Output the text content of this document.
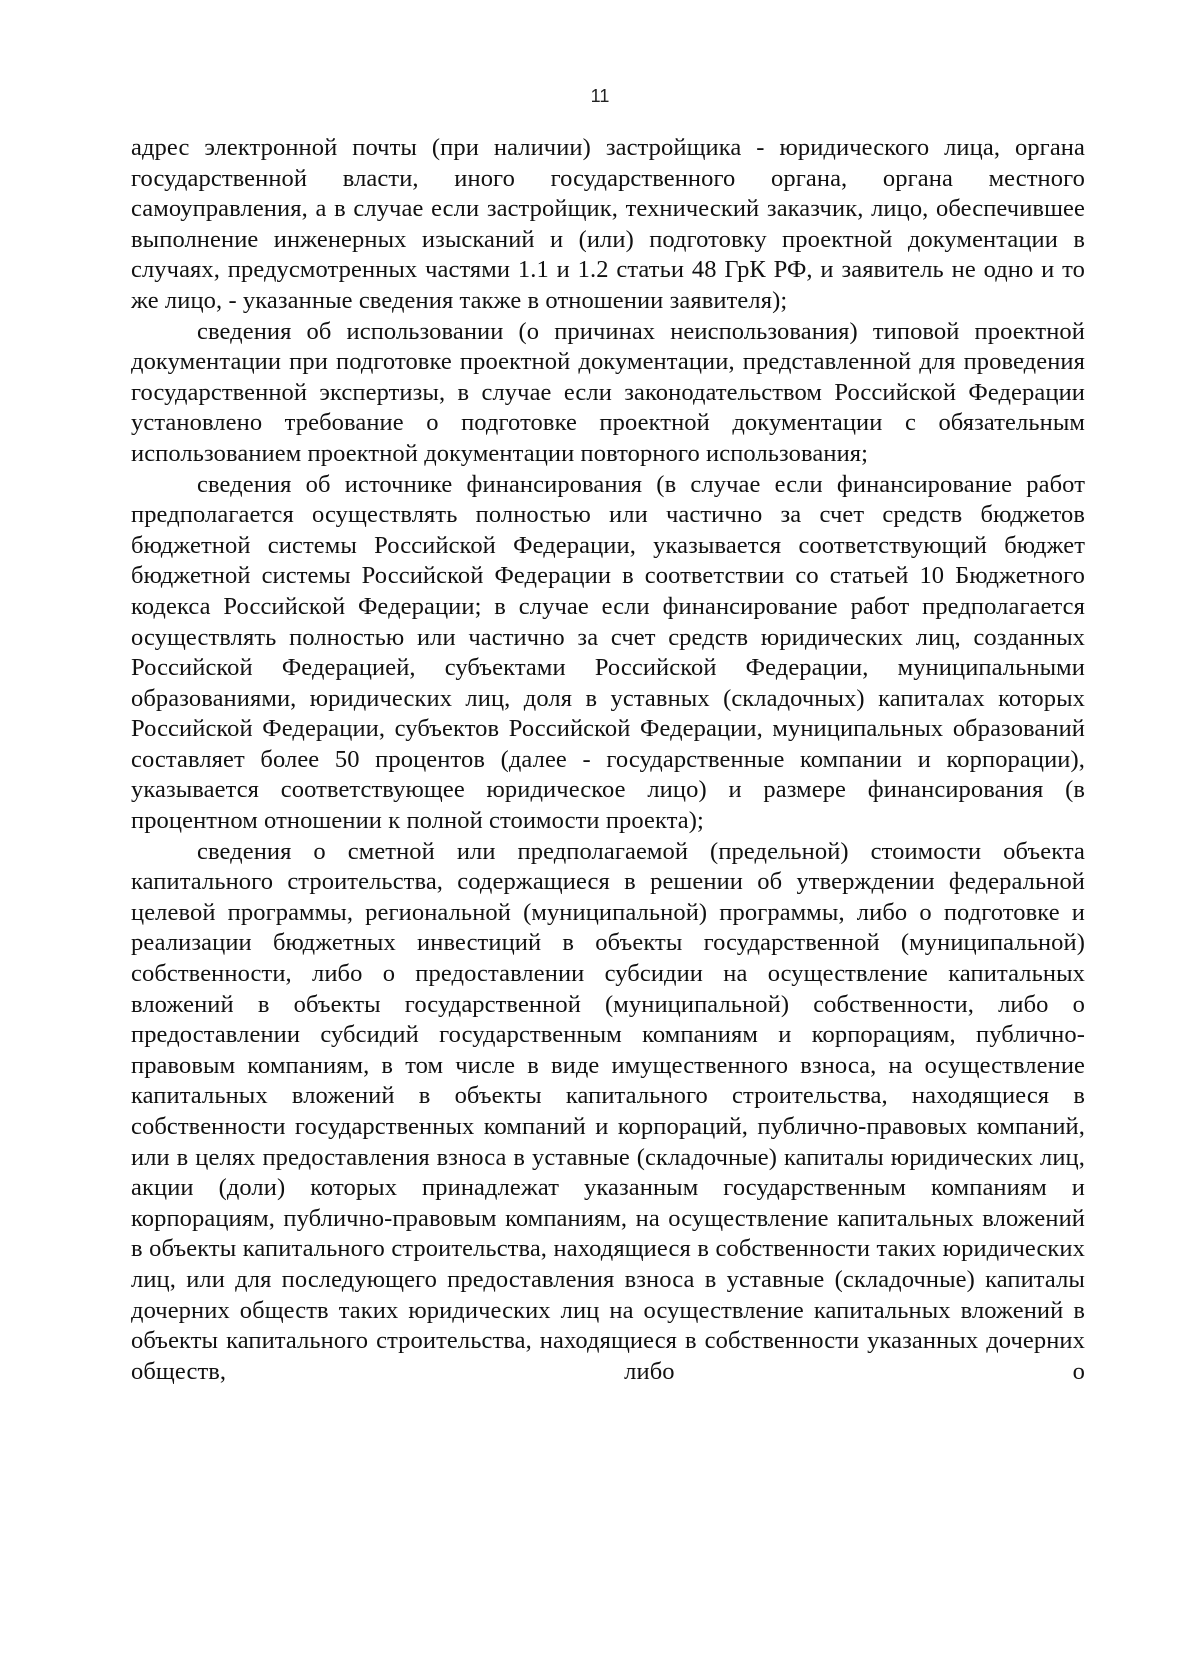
11

адрес электронной почты (при наличии) застройщика - юридического лица, органа государственной власти, иного государственного органа, органа местного самоуправления, а в случае если застройщик, технический заказчик, лицо, обеспечившее выполнение инженерных изысканий и (или) подготовку проектной документации в случаях, предусмотренных частями 1.1 и 1.2 статьи 48 ГрК РФ, и заявитель не одно и то же лицо, - указанные сведения также в отношении заявителя);

сведения об использовании (о причинах неиспользования) типовой проектной документации при подготовке проектной документации, представленной для проведения государственной экспертизы, в случае если законодательством Российской Федерации установлено требование о подготовке проектной документации с обязательным использованием проектной документации повторного использования;

сведения об источнике финансирования (в случае если финансирование работ предполагается осуществлять полностью или частично за счет средств бюджетов бюджетной системы Российской Федерации, указывается соответствующий бюджет бюджетной системы Российской Федерации в соответствии со статьей 10 Бюджетного кодекса Российской Федерации; в случае если финансирование работ предполагается осуществлять полностью или частично за счет средств юридических лиц, созданных Российской Федерацией, субъектами Российской Федерации, муниципальными образованиями, юридических лиц, доля в уставных (складочных) капиталах которых Российской Федерации, субъектов Российской Федерации, муниципальных образований составляет более 50 процентов (далее - государственные компании и корпорации), указывается соответствующее юридическое лицо) и размере финансирования (в процентном отношении к полной стоимости проекта);

сведения о сметной или предполагаемой (предельной) стоимости объекта капитального строительства, содержащиеся в решении об утверждении федеральной целевой программы, региональной (муниципальной) программы, либо о подготовке и реализации бюджетных инвестиций в объекты государственной (муниципальной) собственности, либо о предоставлении субсидии на осуществление капитальных вложений в объекты государственной (муниципальной) собственности, либо о предоставлении субсидий государственным компаниям и корпорациям, публично-правовым компаниям, в том числе в виде имущественного взноса, на осуществление капитальных вложений в объекты капитального строительства, находящиеся в собственности государственных компаний и корпораций, публично-правовых компаний, или в целях предоставления взноса в уставные (складочные) капиталы юридических лиц, акции (доли) которых принадлежат указанным государственным компаниям и корпорациям, публично-правовым компаниям, на осуществление капитальных вложений в объекты капитального строительства, находящиеся в собственности таких юридических лиц, или для последующего предоставления взноса в уставные (складочные) капиталы дочерних обществ таких юридических лиц на осуществление капитальных вложений в объекты капитального строительства, находящиеся в собственности указанных дочерних обществ, либо о
